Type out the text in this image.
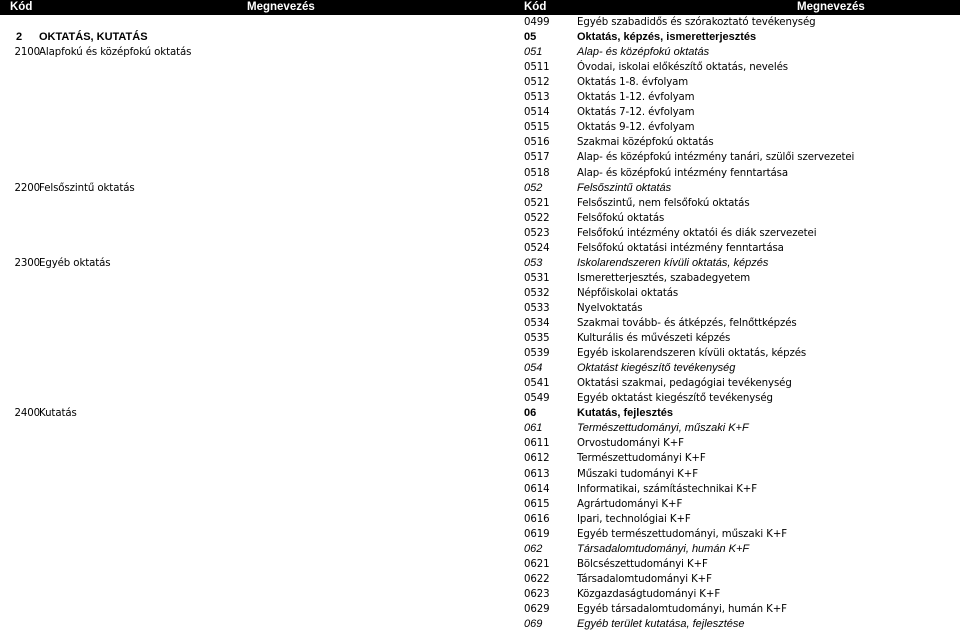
Kód	Megnevezés	Kód	Megnevezés
0499	Egyéb szabadidős és szórakoztató tevékenység
2	OKTATÁS, KUTATÁS	05	Oktatás, képzés, ismeretterjesztés
2100 Alapfokú és középfokú oktatás	051	Alap- és középfokú oktatás
0511	Óvodai, iskolai előkészítő oktatás, nevelés
0512	Oktatás 1-8. évfolyam
0513	Oktatás 1-12. évfolyam
0514	Oktatás 7-12. évfolyam
0515	Oktatás 9-12. évfolyam
0516	Szakmai középfokú oktatás
0517	Alap- és középfokú intézmény tanári, szülői szervezetei
0518	Alap- és középfokú intézmény fenntartása
2200 Felsőszintű oktatás	052	Felsőszintű oktatás
0521	Felsőszintű, nem felsőfokú oktatás
0522	Felsőfokú oktatás
0523	Felsőfokú intézmény oktatói és diák szervezetei
0524	Felsőfokú oktatási intézmény fenntartása
2300 Egyéb oktatás	053	Iskolarendszeren kívüli oktatás, képzés
0531	Ismeretterjesztés, szabadegyetem
0532	Népfőiskolai oktatás
0533	Nyelvoktatás
0534	Szakmai tovább- és átképzés, felnőttképzés
0535	Kulturális és művészeti képzés
0539	Egyéb iskolarendszeren kívüli oktatás, képzés
054	Oktatást kiegészítő tevékenység
0541	Oktatási szakmai, pedagógiai tevékenység
0549	Egyéb oktatást kiegészítő tevékenység
2400 Kutatás	06	Kutatás, fejlesztés
061	Természettudományi, műszaki K+F
0611	Orvostudományi K+F
0612	Természettudományi K+F
0613	Műszaki tudományi K+F
0614	Informatikai, számítástechnikai K+F
0615	Agrártudományi K+F
0616	Ipari, technológiai K+F
0619	Egyéb természettudományi, műszaki K+F
062	Társadalomtudományi, humán K+F
0621	Bölcsészettudományi K+F
0622	Társadalomtudományi K+F
0623	Közgazdaságtudományi K+F
0629	Egyéb társadalomtudományi, humán K+F
069	Egyéb terület kutatása, fejlesztése
